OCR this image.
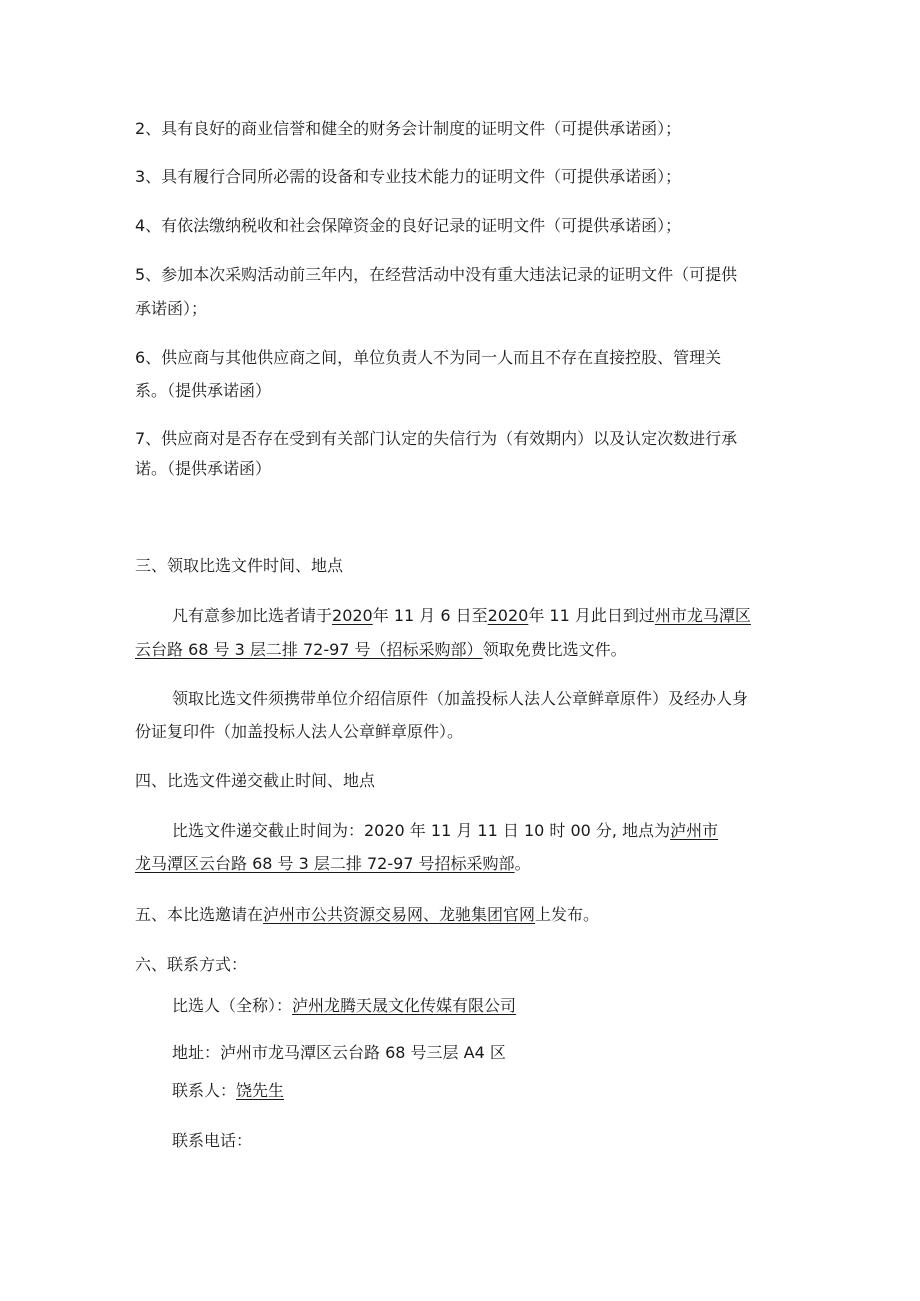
2、具有良好的商业信誉和健全的财务会计制度的证明文件（可提供承诺函）；
3、具有履行合同所必需的设备和专业技术能力的证明文件（可提供承诺函）；
4、有依法缴纳税收和社会保障资金的良好记录的证明文件（可提供承诺函）；
5、参加本次采购活动前三年内，在经营活动中没有重大违法记录的证明文件（可提供
承诺函）；
6、供应商与其他供应商之间，单位负责人不为同一人而且不存在直接控股、管理关
系。（提供承诺函）
7、供应商对是否存在受到有关部门认定的失信行为（有效期内）以及认定次数进行承
诺。（提供承诺函）
三、领取比选文件时间、地点
凡有意参加比选者请于2020年 11 月 6 日至2020年 11 月此日到过州市龙马潭区
云台路 68 号 3 层二排 72-97 号（招标采购部）领取免费比选文件。
领取比选文件须携带单位介绍信原件（加盖投标人法人公章鲜章原件）及经办人身
份证复印件（加盖投标人法人公章鲜章原件）。
四、比选文件递交截止时间、地点
比选文件递交截止时间为：2020 年 11 月 11 日 10 时 00 分, 地点为泸州市
龙马潭区云台路 68 号 3 层二排 72-97 号招标采购部。
五、本比选邀请在泸州市公共资源交易网、龙驰集团官网上发布。
六、联系方式：
比选人（全称）：泸州龙腾天晟文化传媒有限公司
地址：泸州市龙马潭区云台路 68 号三层 A4 区
联系人：饶先生
联系电话：
